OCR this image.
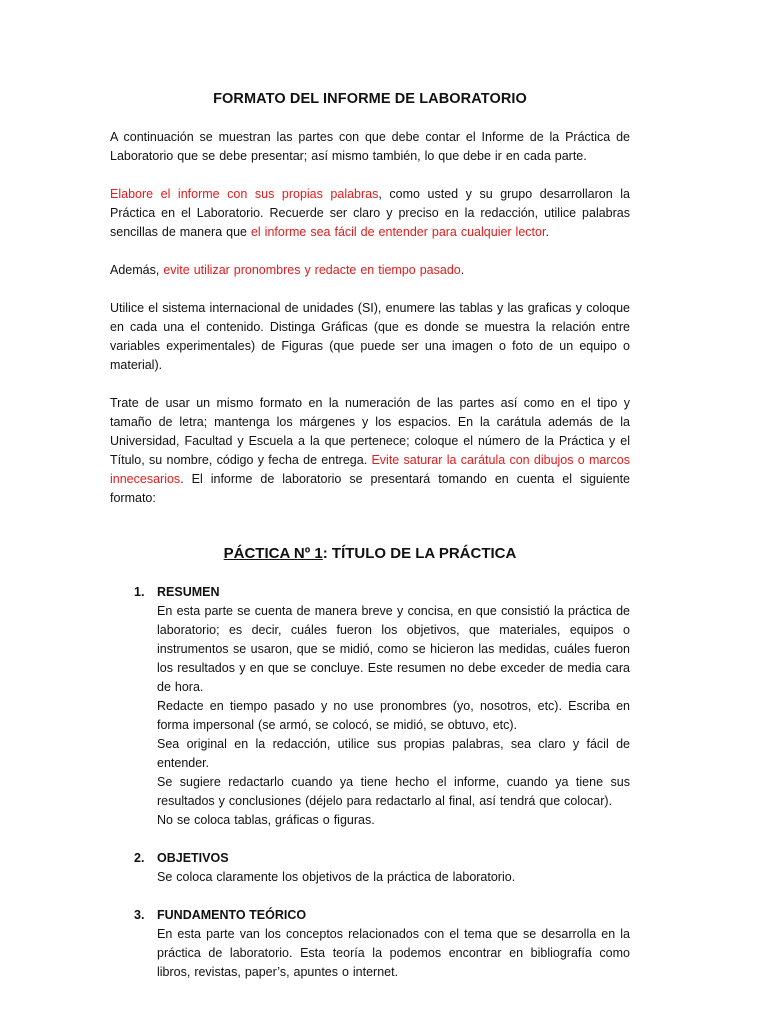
FORMATO DEL INFORME DE LABORATORIO

A continuación se muestran las partes con que debe contar el Informe de la Práctica de Laboratorio que se debe presentar; así mismo también, lo que debe ir en cada parte.

Elabore el informe con sus propias palabras, como usted y su grupo desarrollaron la Práctica en el Laboratorio. Recuerde ser claro y preciso en la redacción, utilice palabras sencillas de manera que el informe sea fácil de entender para cualquier lector.

Además, evite utilizar pronombres y redacte en tiempo pasado.

Utilice el sistema internacional de unidades (SI), enumere las tablas y las graficas y coloque en cada una el contenido. Distinga Gráficas (que es donde se muestra la relación entre variables experimentales) de Figuras (que puede ser una imagen o foto de un equipo o material).

Trate de usar un mismo formato en la numeración de las partes así como en el tipo y tamaño de letra; mantenga los márgenes y los espacios. En la carátula además de la Universidad, Facultad y Escuela a la que pertenece; coloque el número de la Práctica y el Título, su nombre, código y fecha de entrega. Evite saturar la carátula con dibujos o marcos innecesarios. El informe de laboratorio se presentará tomando en cuenta el siguiente formato:

PÁCTICA Nº 1: TÍTULO DE LA PRÁCTICA
1. RESUMEN

En esta parte se cuenta de manera breve y concisa, en que consistió la práctica de laboratorio; es decir, cuáles fueron los objetivos, que materiales, equipos o instrumentos se usaron, que se midió, como se hicieron las medidas, cuáles fueron los resultados y en que se concluye. Este resumen no debe exceder de media cara de hora.

Redacte en tiempo pasado y no use pronombres (yo, nosotros, etc). Escriba en forma impersonal (se armó, se colocó, se midió, se obtuvo, etc).

Sea original en la redacción, utilice sus propias palabras, sea claro y fácil de entender.

Se sugiere redactarlo cuando ya tiene hecho el informe, cuando ya tiene sus resultados y conclusiones (déjelo para redactarlo al final, así tendrá que colocar).

No se coloca tablas, gráficas o figuras.

2. OBJETIVOS

Se coloca claramente los objetivos de la práctica de laboratorio.

3. FUNDAMENTO TEÓRICO

En esta parte van los conceptos relacionados con el tema que se desarrolla en la práctica de laboratorio. Esta teoría la podemos encontrar en bibliografía como libros, revistas, paper’s, apuntes o internet.
